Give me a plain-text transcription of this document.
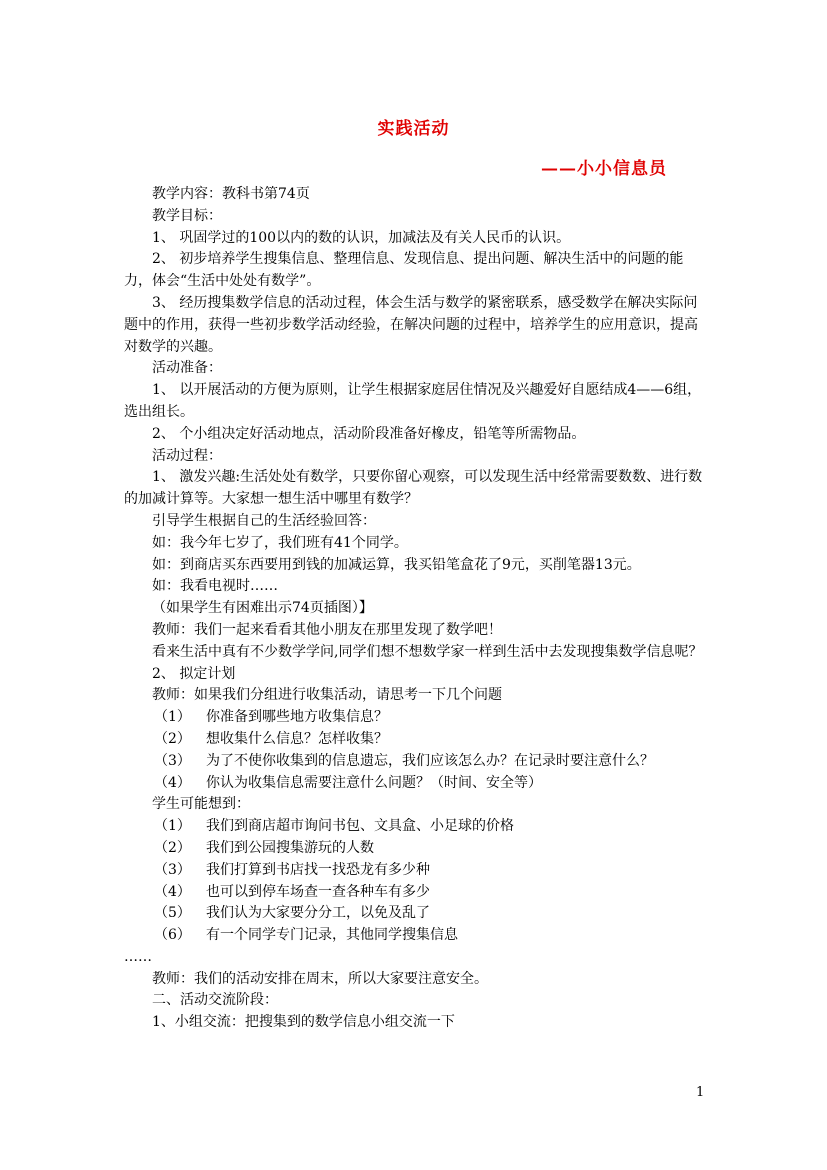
实践活动
——小小信息员

教学内容：教科书第74页

教学目标：

1、 巩固学过的100以内的数的认识，加减法及有关人民币的认识。

2、 初步培养学生搜集信息、整理信息、发现信息、提出问题、解决生活中的问题的能力，体会“生活中处处有数学”。

3、 经历搜集数学信息的活动过程，体会生活与数学的紧密联系，感受数学在解决实际问题中的作用，获得一些初步数学活动经验，在解决问题的过程中，培养学生的应用意识，提高对数学的兴趣。

活动准备：

1、 以开展活动的方便为原则，让学生根据家庭居住情况及兴趣爱好自愿结成4——6组，选出组长。

2、 个小组决定好活动地点，活动阶段准备好橡皮，铅笔等所需物品。

活动过程：

1、 激发兴趣:生活处处有数学，只要你留心观察，可以发现生活中经常需要数数、进行数的加减计算等。大家想一想生活中哪里有数学？

引导学生根据自己的生活经验回答：

如：我今年七岁了，我们班有41个同学。

如：到商店买东西要用到钱的加减运算，我买铅笔盒花了9元，买削笔器13元。

如：我看电视时……

（如果学生有困难出示74页插图）】

教师：我们一起来看看其他小朋友在那里发现了数学吧！

看来生活中真有不少数学学问,同学们想不想数学家一样到生活中去发现搜集数学信息呢？

2、 拟定计划

教师：如果我们分组进行收集活动，请思考一下几个问题

（1） 你准备到哪些地方收集信息？

（2） 想收集什么信息？怎样收集？

（3） 为了不使你收集到的信息遗忘，我们应该怎么办？在记录时要注意什么？

（4） 你认为收集信息需要注意什么问题？（时间、安全等）

学生可能想到：

（1） 我们到商店超市询问书包、文具盒、小足球的价格

（2） 我们到公园搜集游玩的人数

（3） 我们打算到书店找一找恐龙有多少种

（4） 也可以到停车场查一查各种车有多少

（5） 我们认为大家要分分工，以免及乱了

（6） 有一个同学专门记录，其他同学搜集信息

……

教师：我们的活动安排在周末，所以大家要注意安全。

二、活动交流阶段：

1、小组交流：把搜集到的数学信息小组交流一下

1
